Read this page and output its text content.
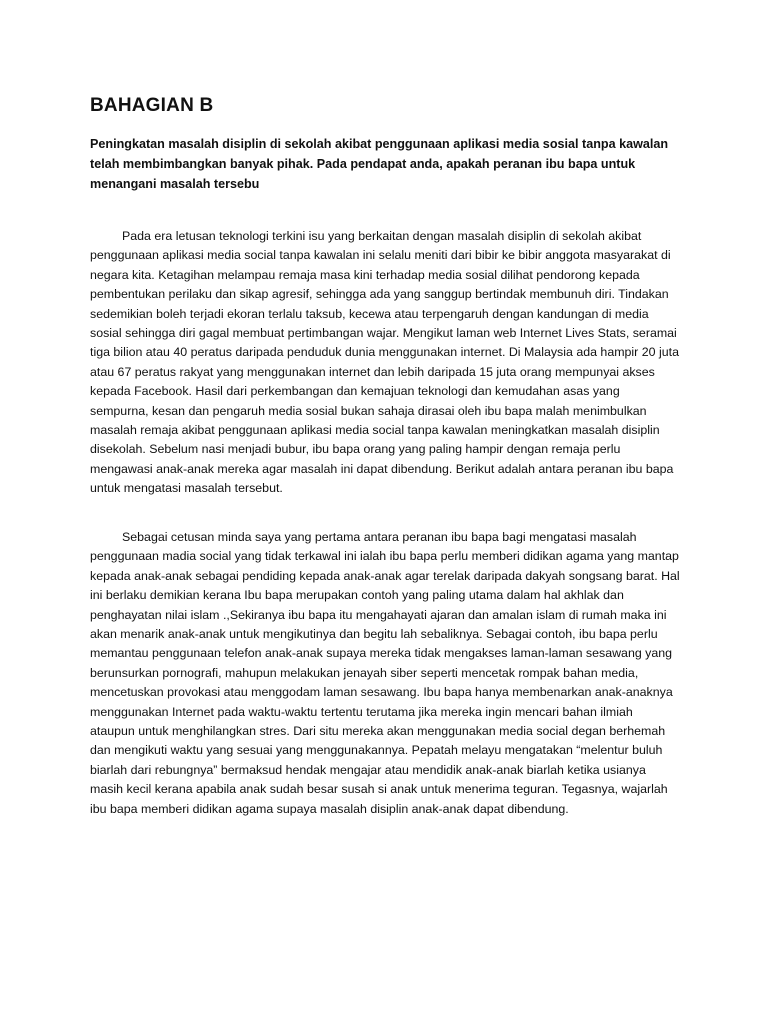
BAHAGIAN B

Peningkatan masalah disiplin di sekolah akibat penggunaan aplikasi media sosial tanpa kawalan telah membimbangkan banyak pihak. Pada pendapat anda, apakah peranan ibu bapa untuk menangani masalah tersebu

Pada era letusan teknologi terkini isu yang berkaitan dengan masalah disiplin di sekolah akibat penggunaan aplikasi media social tanpa kawalan ini selalu meniti dari bibir ke bibir anggota masyarakat di negara kita. Ketagihan melampau remaja masa kini terhadap media sosial dilihat pendorong kepada pembentukan perilaku dan sikap agresif, sehingga ada yang sanggup bertindak membunuh diri. Tindakan sedemikian boleh terjadi ekoran terlalu taksub, kecewa atau terpengaruh dengan kandungan di media sosial sehingga diri gagal membuat pertimbangan wajar. Mengikut laman web Internet Lives Stats, seramai tiga bilion atau 40 peratus daripada penduduk dunia menggunakan internet. Di Malaysia ada hampir 20 juta atau 67 peratus rakyat yang menggunakan internet dan lebih daripada 15 juta orang mempunyai akses kepada Facebook. Hasil dari perkembangan dan kemajuan teknologi dan kemudahan asas yang sempurna, kesan dan pengaruh media sosial bukan sahaja dirasai oleh ibu bapa malah menimbulkan masalah remaja akibat penggunaan aplikasi media social tanpa kawalan meningkatkan masalah disiplin disekolah. Sebelum nasi menjadi bubur, ibu bapa orang yang paling hampir dengan remaja perlu mengawasi anak-anak mereka agar masalah ini dapat dibendung. Berikut adalah antara peranan ibu bapa untuk mengatasi masalah tersebut.

Sebagai cetusan minda saya yang pertama antara peranan ibu bapa bagi mengatasi masalah penggunaan madia social yang tidak terkawal ini ialah ibu bapa perlu memberi didikan agama yang mantap kepada anak-anak sebagai pendiding kepada anak-anak agar terelak daripada dakyah songsang barat. Hal ini berlaku demikian kerana Ibu bapa merupakan contoh yang paling utama dalam hal akhlak dan penghayatan nilai islam .,Sekiranya ibu bapa itu mengahayati ajaran dan amalan islam di rumah maka ini akan menarik anak-anak untuk mengikutinya dan begitu lah sebaliknya. Sebagai contoh, ibu bapa perlu memantau penggunaan telefon anak-anak supaya mereka tidak mengakses laman-laman sesawang yang berunsurkan pornografi, mahupun melakukan jenayah siber seperti mencetak rompak bahan media, mencetuskan provokasi atau menggodam laman sesawang. Ibu bapa hanya membenarkan anak-anaknya menggunakan Internet pada waktu-waktu tertentu terutama jika mereka ingin mencari bahan ilmiah ataupun untuk menghilangkan stres. Dari situ mereka akan menggunakan media social degan berhemah dan mengikuti waktu yang sesuai yang menggunakannya. Pepatah melayu mengatakan “melentur buluh biarlah dari rebungnya” bermaksud hendak mengajar atau mendidik anak-anak biarlah ketika usianya masih kecil kerana apabila anak sudah besar susah si anak untuk menerima teguran. Tegasnya, wajarlah ibu bapa memberi didikan agama supaya masalah disiplin anak-anak dapat dibendung.
